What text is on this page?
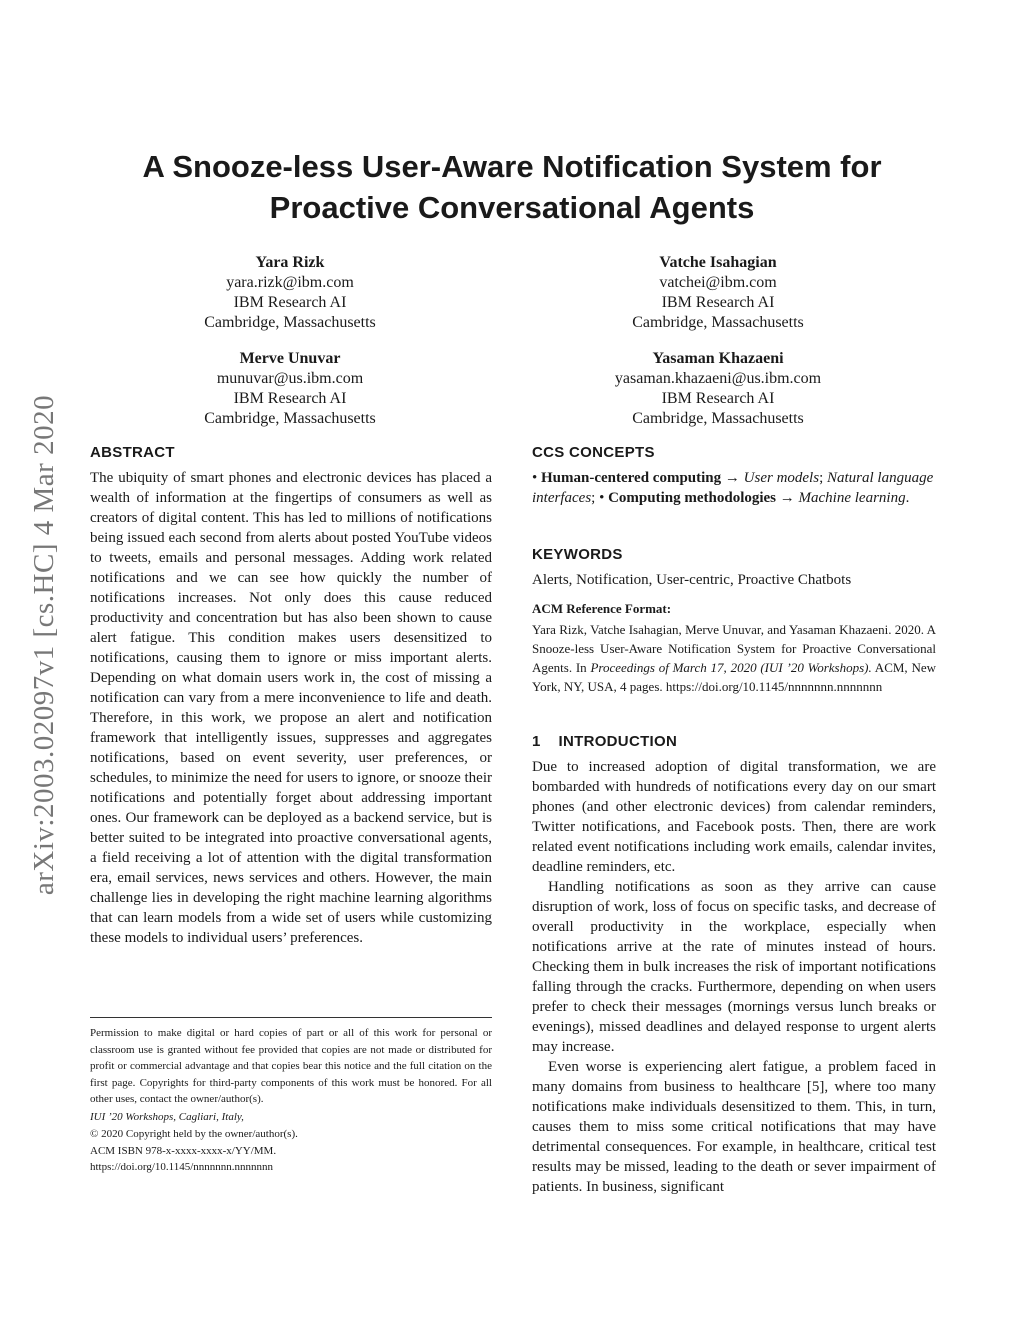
A Snooze-less User-Aware Notification System for
Proactive Conversational Agents
Yara Rizk
yara.rizk@ibm.com
IBM Research AI
Cambridge, Massachusetts
Vatche Isahagian
vatchei@ibm.com
IBM Research AI
Cambridge, Massachusetts
Merve Unuvar
munuvar@us.ibm.com
IBM Research AI
Cambridge, Massachusetts
Yasaman Khazaeni
yasaman.khazaeni@us.ibm.com
IBM Research AI
Cambridge, Massachusetts
arXiv:2003.02097v1 [cs.HC] 4 Mar 2020 ABSTRACT

The ubiquity of smart phones and electronic devices has placed a wealth of information at the fingertips of consumers as well as creators of digital content. This has led to millions of notifications being issued each second from alerts about posted YouTube videos to tweets, emails and personal messages. Adding work related notifications and we can see how quickly the number of notifications increases. Not only does this cause reduced productivity and concentration but has also been shown to cause alert fatigue. This condition makes users desensitized to notifications, causing them to ignore or miss important alerts. Depending on what domain users work in, the cost of missing a notification can vary from a mere inconvenience to life and death. Therefore, in this work, we propose an alert and notification framework that intelligently issues, suppresses and aggregates notifications, based on event severity, user preferences, or schedules, to minimize the need for users to ignore, or snooze their notifications and potentially forget about addressing important ones. Our framework can be deployed as a backend service, but is better suited to be integrated into proactive conversational agents, a field receiving a lot of attention with the digital transformation era, email services, news services and others. However, the main challenge lies in developing the right machine learning algorithms that can learn models from a wide set of users while customizing these models to individual users’ preferences.

Permission to make digital or hard copies of part or all of this work for personal or classroom use is granted without fee provided that copies are not made or distributed for profit or commercial advantage and that copies bear this notice and the full citation on the first page. Copyrights for third-party components of this work must be honored. For all other uses, contact the owner/author(s).

IUI ’20 Workshops, Cagliari, Italy,

© 2020 Copyright held by the owner/author(s).

ACM ISBN 978-x-xxxx-xxxx-x/YY/MM.

https://doi.org/10.1145/nnnnnnn.nnnnnnn

CCS CONCEPTS
• Human-centered computing → User models; Natural language interfaces; • Computing methodologies → Machine learning.
KEYWORDS
Alerts, Notification, User-centric, Proactive Chatbots
ACM Reference Format:
Yara Rizk, Vatche Isahagian, Merve Unuvar, and Yasaman Khazaeni. 2020. A Snooze-less User-Aware Notification System for Proactive Conversational Agents. In Proceedings of March 17, 2020 (IUI ’20 Workshops). ACM, New York, NY, USA, 4 pages. https://doi.org/10.1145/nnnnnnn.nnnnnnn
1    INTRODUCTION

Due to increased adoption of digital transformation, we are bombarded with hundreds of notifications every day on our smart phones (and other electronic devices) from calendar reminders, Twitter notifications, and Facebook posts. Then, there are work related event notifications including work emails, calendar invites, deadline reminders, etc.

Handling notifications as soon as they arrive can cause disruption of work, loss of focus on specific tasks, and decrease of overall productivity in the workplace, especially when notifications arrive at the rate of minutes instead of hours. Checking them in bulk increases the risk of important notifications falling through the cracks. Furthermore, depending on when users prefer to check their messages (mornings versus lunch breaks or evenings), missed deadlines and delayed response to urgent alerts may increase.

Even worse is experiencing alert fatigue, a problem faced in many domains from business to healthcare [5], where too many notifications make individuals desensitized to them. This, in turn, causes them to miss some critical notifications that may have detrimental consequences. For example, in healthcare, critical test results may be missed, leading to the death or sever impairment of patients. In business, significant
